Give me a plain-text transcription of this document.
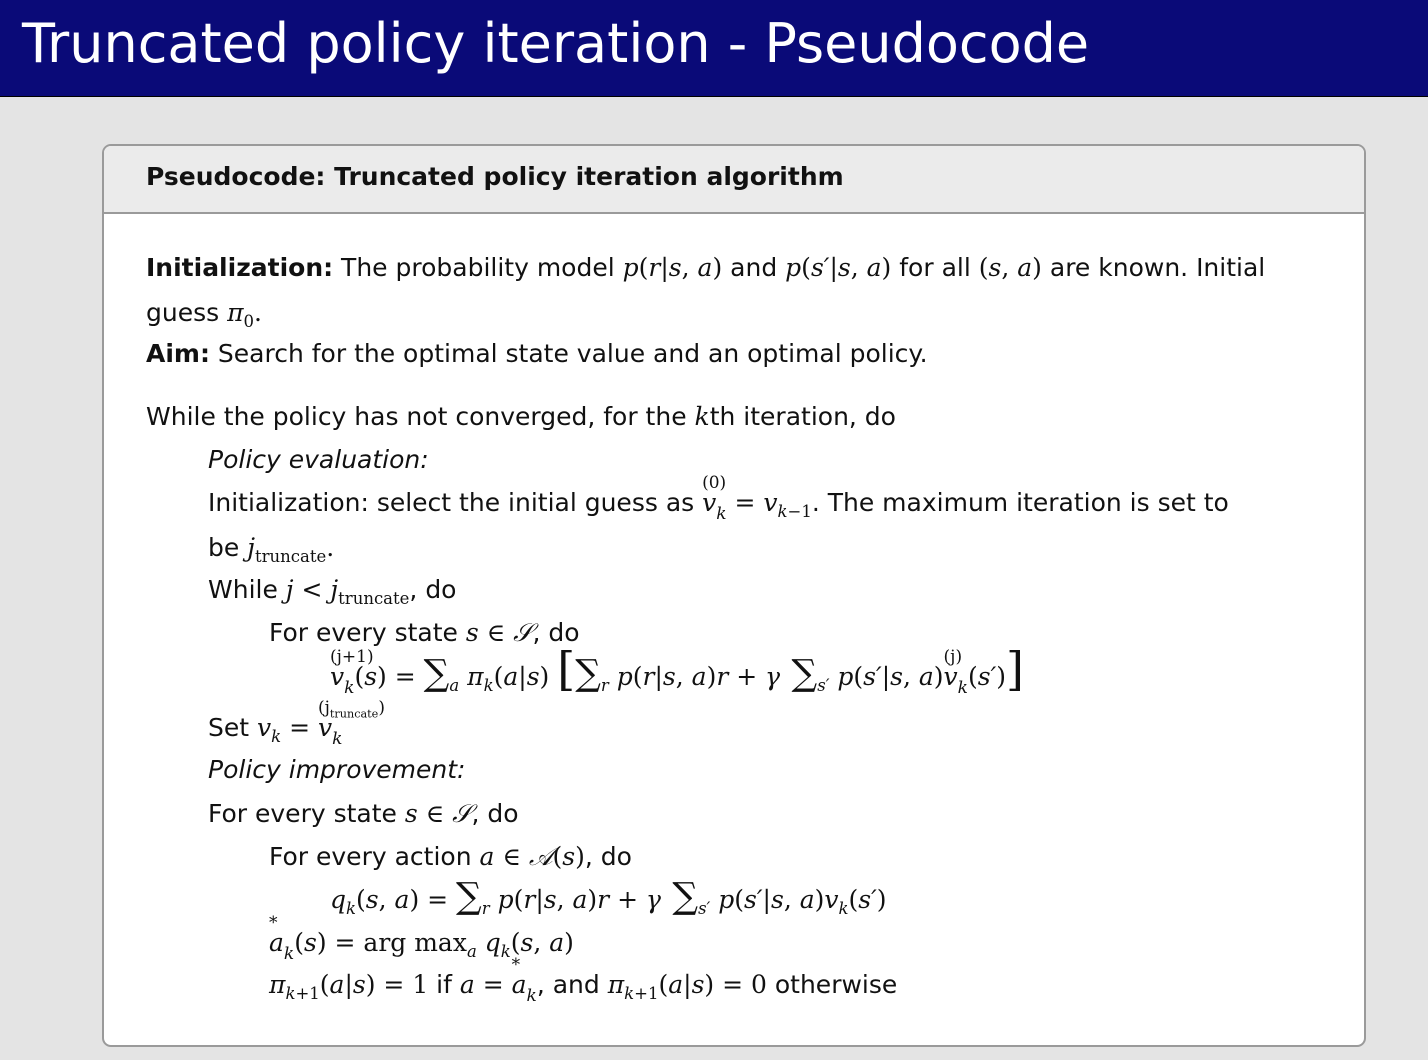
Truncated policy iteration - Pseudocode
Pseudocode: Truncated policy iteration algorithm
Initialization: The probability model p(r|s, a) and p(s′|s, a) for all (s, a) are known. Initial
guess $\pi_0$.
Aim: Search for the optimal state value and an optimal policy.
While the policy has not converged, for the kth iteration, do
Policy evaluation:
Initialization: select the initial guess as v
(0)
$_k = v_{k-1}$. The maximum iteration is set to
be $j_{truncate}$.
While $j < j_{truncate}$, do
For every state s ∈ 𝒮, do
v
(j+1)
$_k(s) = \sum_a$ $\pi_k(a|s)$ [$\sum_r$ p(r|s, a)r + γ $\sum_{s'}$ p(s′|s, a)v
(j)
$_k$(s′)]
Set $v_k = v$
$(j_{truncate})$
$_k$
Policy improvement:
For every state s ∈ 𝒮, do
For every action a ∈ 𝒜(s), do
$q_k(s$, $a) = \sum_r$ p(r|s, a)r + γ $\sum_{s'}$ p(s′|s, $a)v_k(s')$
a
*
$_k$(s) = arg $\max_a q_k(s$, a)
$\pi_{k+1}(a|s) = 1$ if a = a
*
$_k$, and $\pi_{k+1}(a|s) = 0$ otherwise
